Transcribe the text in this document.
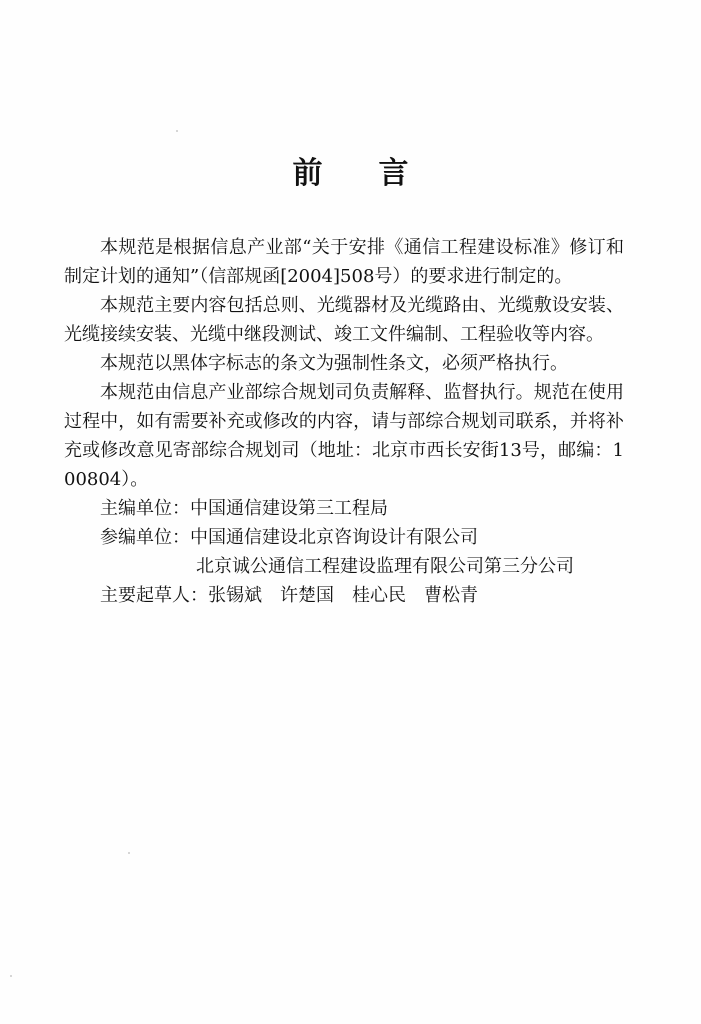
前 言

本规范是根据信息产业部“关于安排《通信工程建设标准》修订和制定计划的通知”（信部规函[2004]508号）的要求进行制定的。

本规范主要内容包括总则、光缆器材及光缆路由、光缆敷设安装、光缆接续安装、光缆中继段测试、竣工文件编制、工程验收等内容。

本规范以黑体字标志的条文为强制性条文，必须严格执行。

本规范由信息产业部综合规划司负责解释、监督执行。规范在使用过程中，如有需要补充或修改的内容，请与部综合规划司联系，并将补充或修改意见寄部综合规划司（地址：北京市西长安街13号，邮编：100804）。

主编单位：中国通信建设第三工程局

参编单位：中国通信建设北京咨询设计有限公司

北京诚公通信工程建设监理有限公司第三分公司

主要起草人：张锡斌　许楚国　桂心民　曹松青
